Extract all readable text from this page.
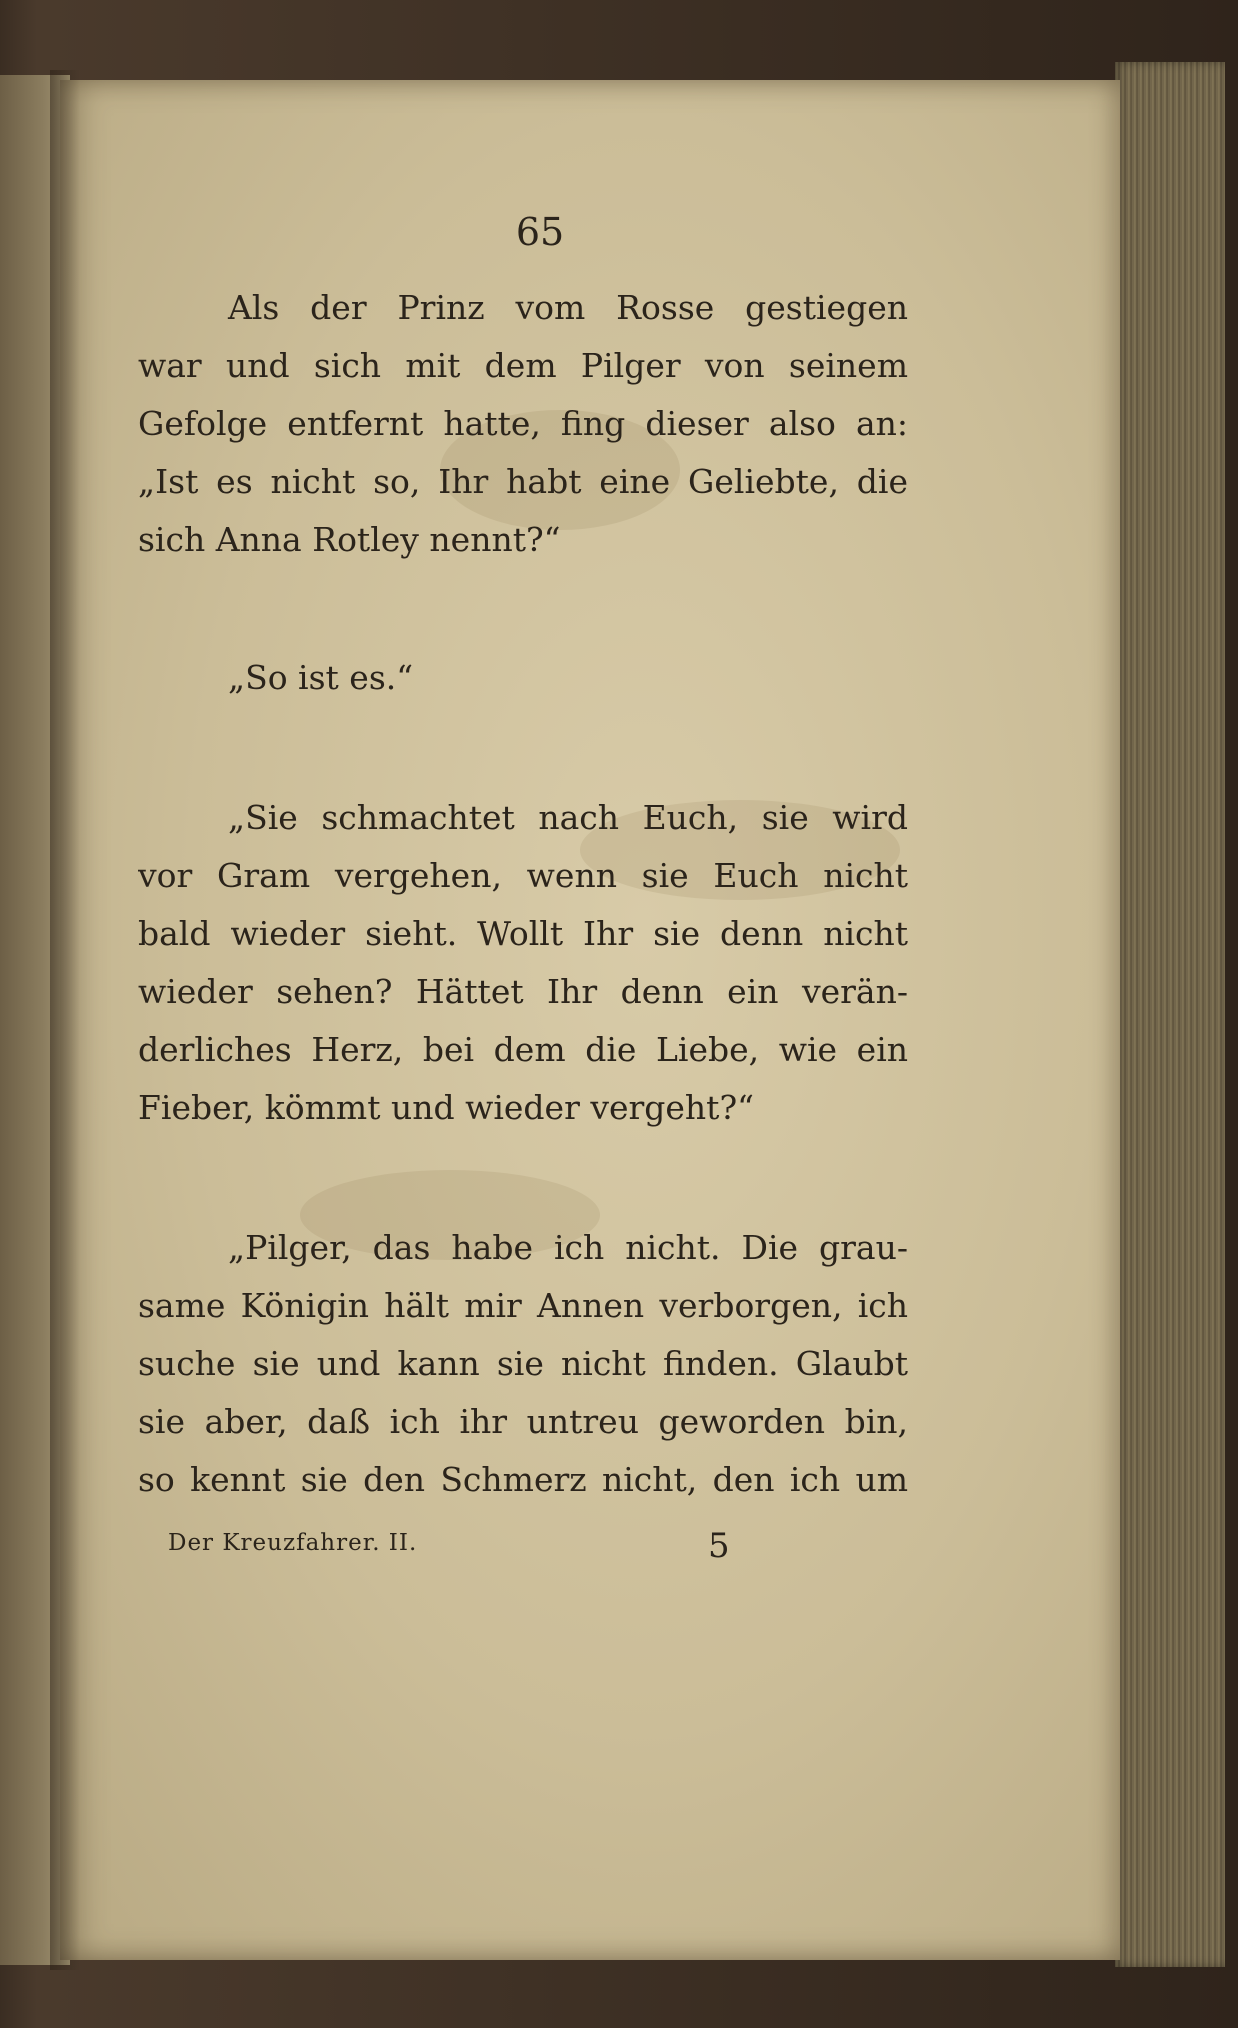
65
Als der Prinz vom Rosse gestiegen
war und sich mit dem Pilger von seinem
Gefolge entfernt hatte, fing dieser also an:
„Ist es nicht so, Ihr habt eine Geliebte, die
sich Anna Rotley nennt?“
„So ist es.“
„Sie schmachtet nach Euch, sie wird
vor Gram vergehen, wenn sie Euch nicht
bald wieder sieht. Wollt Ihr sie denn nicht
wieder sehen? Hättet Ihr denn ein verän-
derliches Herz, bei dem die Liebe, wie ein
Fieber, kömmt und wieder vergeht?“
„Pilger, das habe ich nicht. Die grau-
same Königin hält mir Annen verborgen, ich
suche sie und kann sie nicht finden. Glaubt
sie aber, daß ich ihr untreu geworden bin,
so kennt sie den Schmerz nicht, den ich um
Der Kreuzfahrer. II.	5
